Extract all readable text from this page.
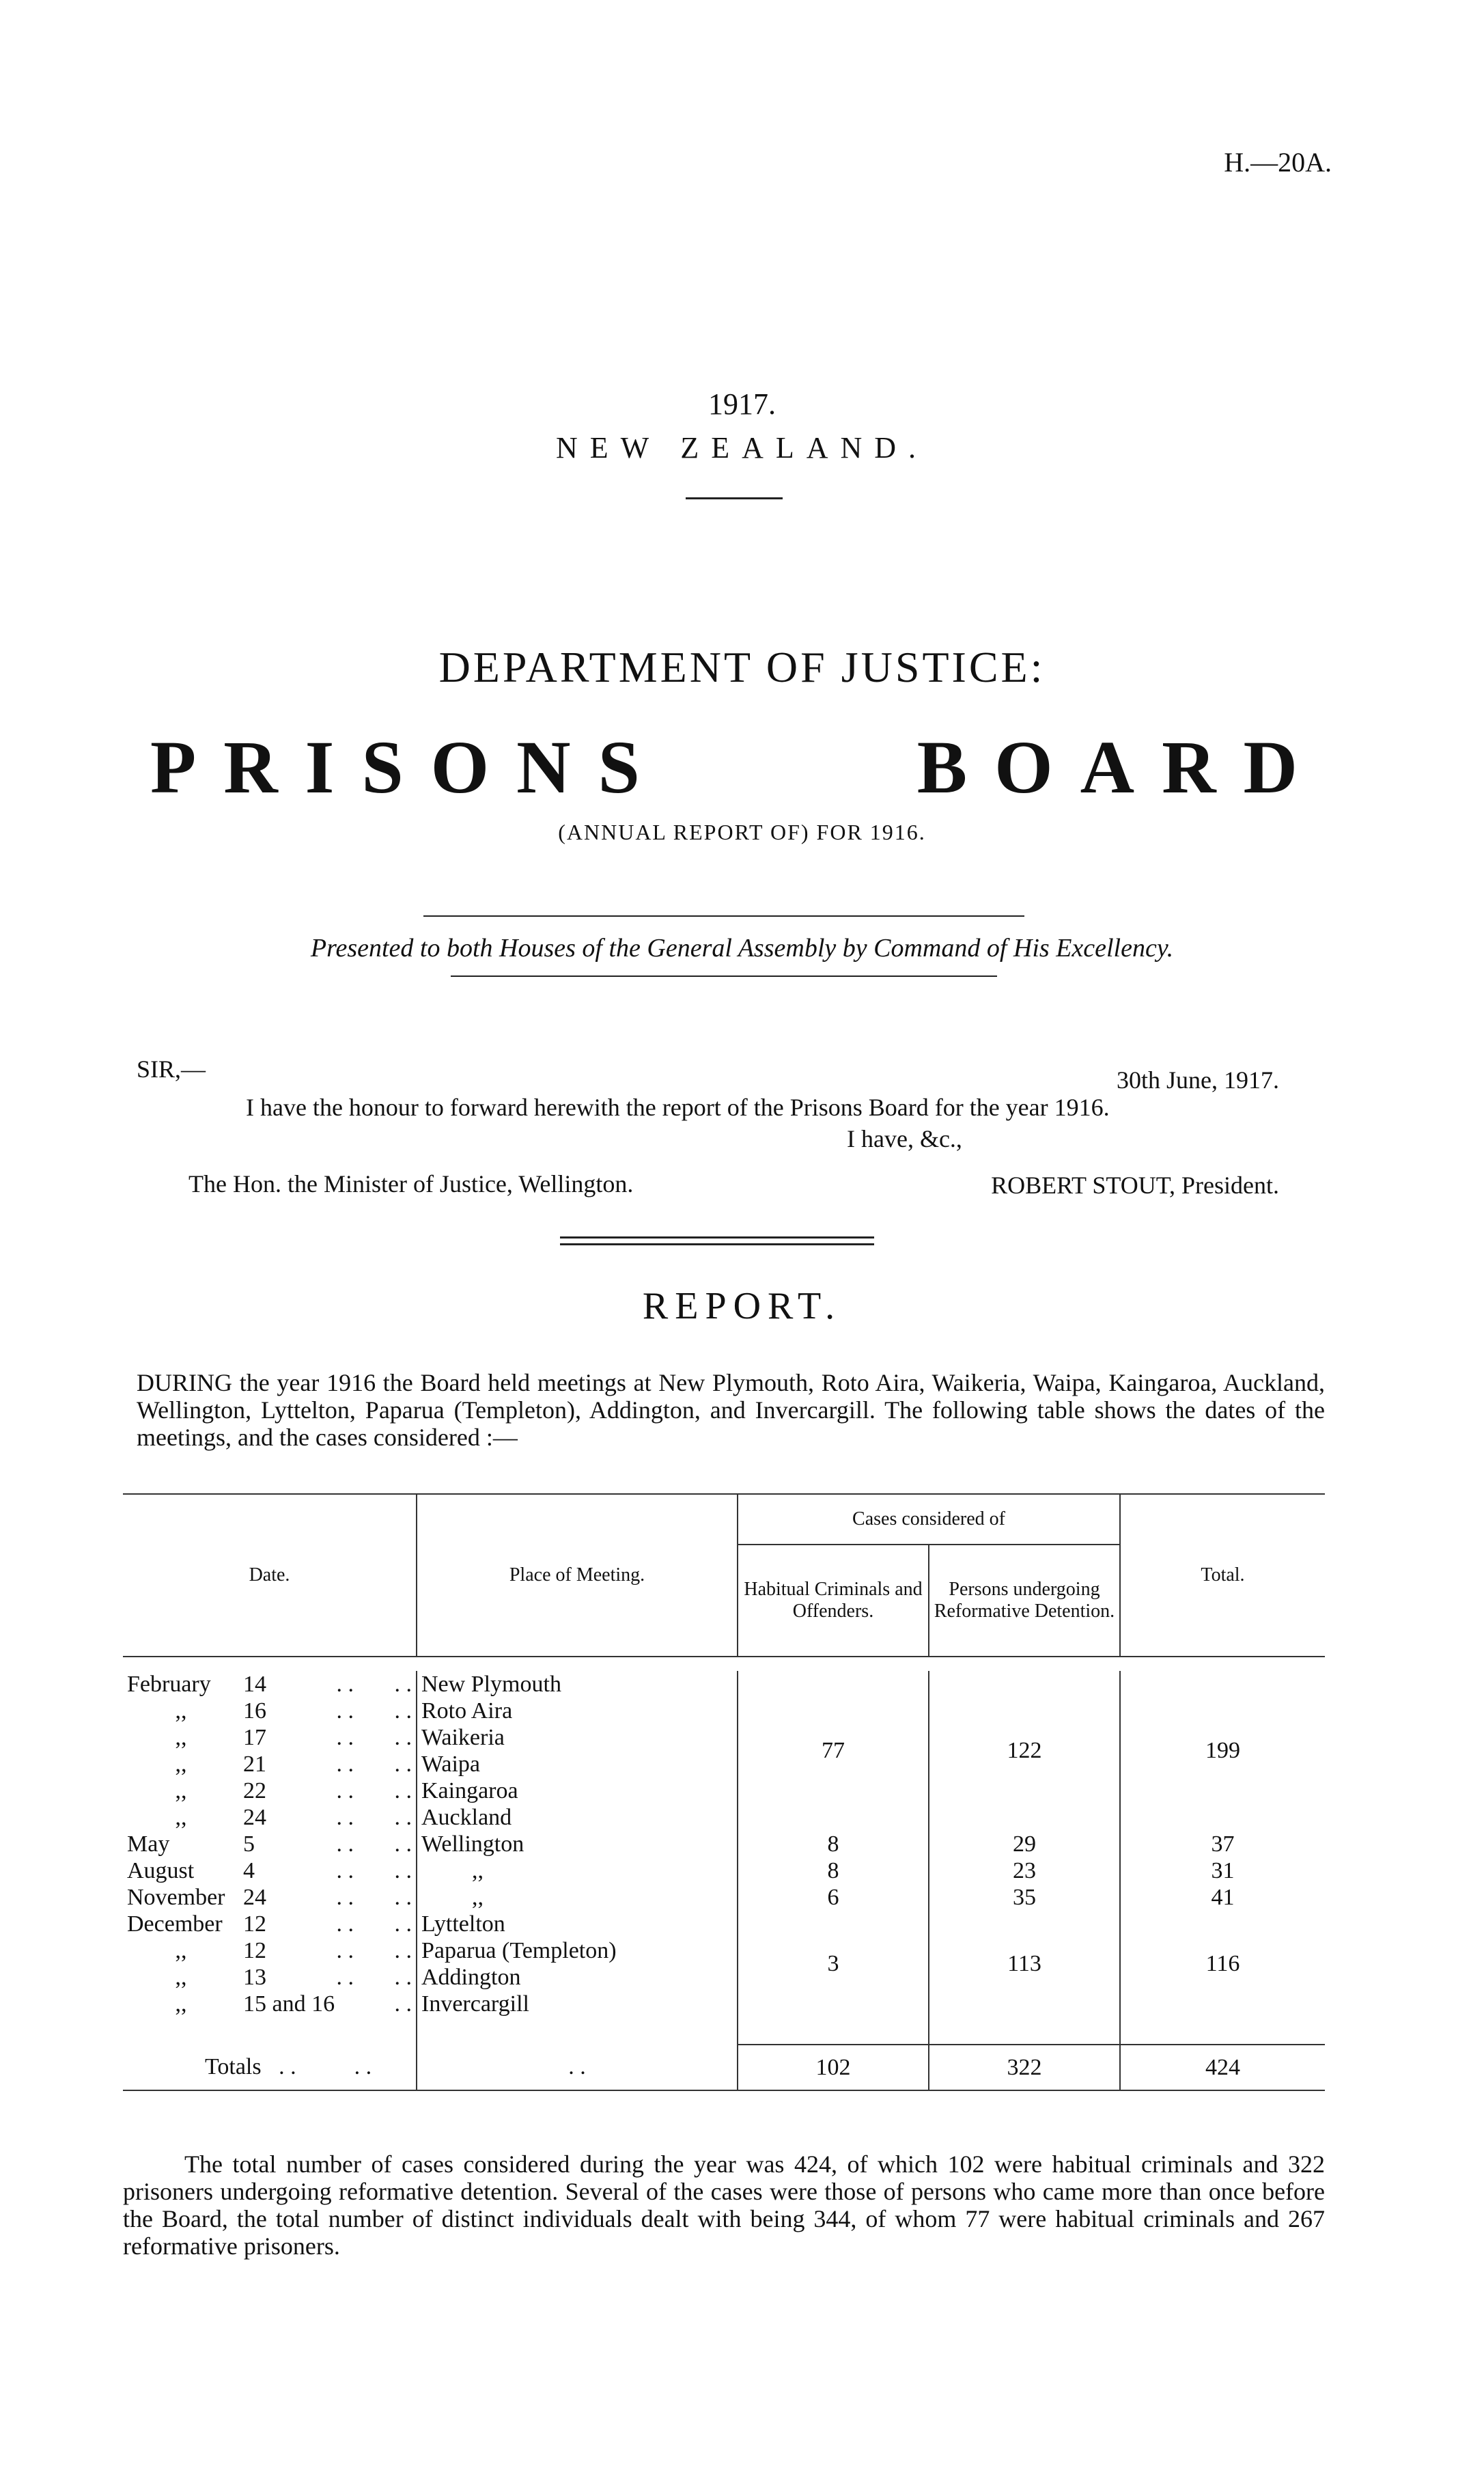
H.—20A.
1917.
NEW ZEALAND.
DEPARTMENT OF JUSTICE:
PRISONS	BOARD
(ANNUAL REPORT OF) FOR 1916.
Presented to both Houses of the General Assembly by Command of His Excellency.
SIR,—	30th June, 1917.
I have the honour to forward herewith the report of the Prisons Board for the year 1916.
I have, &c.,
The Hon. the Minister of Justice, Wellington.	ROBERT STOUT, President.
REPORT.

DURING the year 1916 the Board held meetings at New Plymouth, Roto Aira, Waikeria, Waipa, Kaingaroa, Auckland, Wellington, Lyttelton, Paparua (Templeton), Addington, and Invercargill. The following table shows the dates of the meetings, and the cases considered :—

Date.		Place of Meeting.	Cases considered of		Total.
			Habitual Criminals and Offenders.	Persons undergoing Reformative Detention.	

February	14 . .       . .	New Plymouth	77	122	199
,,	16 . .       . .	Roto Aira			
,,	17 . .       . .	Waikeria			
,,	21 . .       . .	Waipa			
,,	22 . .       . .	Kaingaroa			
,,	24 . .       . .	Auckland			
May	5 . .       . .	Wellington	8	29	37
August	4 . .       . .	,,	8	23	31
November	24 . .       . .	,,	6	35	41
December	12 . .       . .	Lyttelton	3	113	116
,,	12 . .       . .	Paparua (Templeton)			
,,	13 . .       . .	Addington			
,,	15 and 16 . .	Invercargill			

Totals   . .          . .		. .	102	322	424

The total number of cases considered during the year was 424, of which 102 were habitual criminals and 322 prisoners undergoing reformative detention. Several of the cases were those of persons who came more than once before the Board, the total number of distinct individuals dealt with being 344, of whom 77 were habitual criminals and 267 reformative prisoners.
